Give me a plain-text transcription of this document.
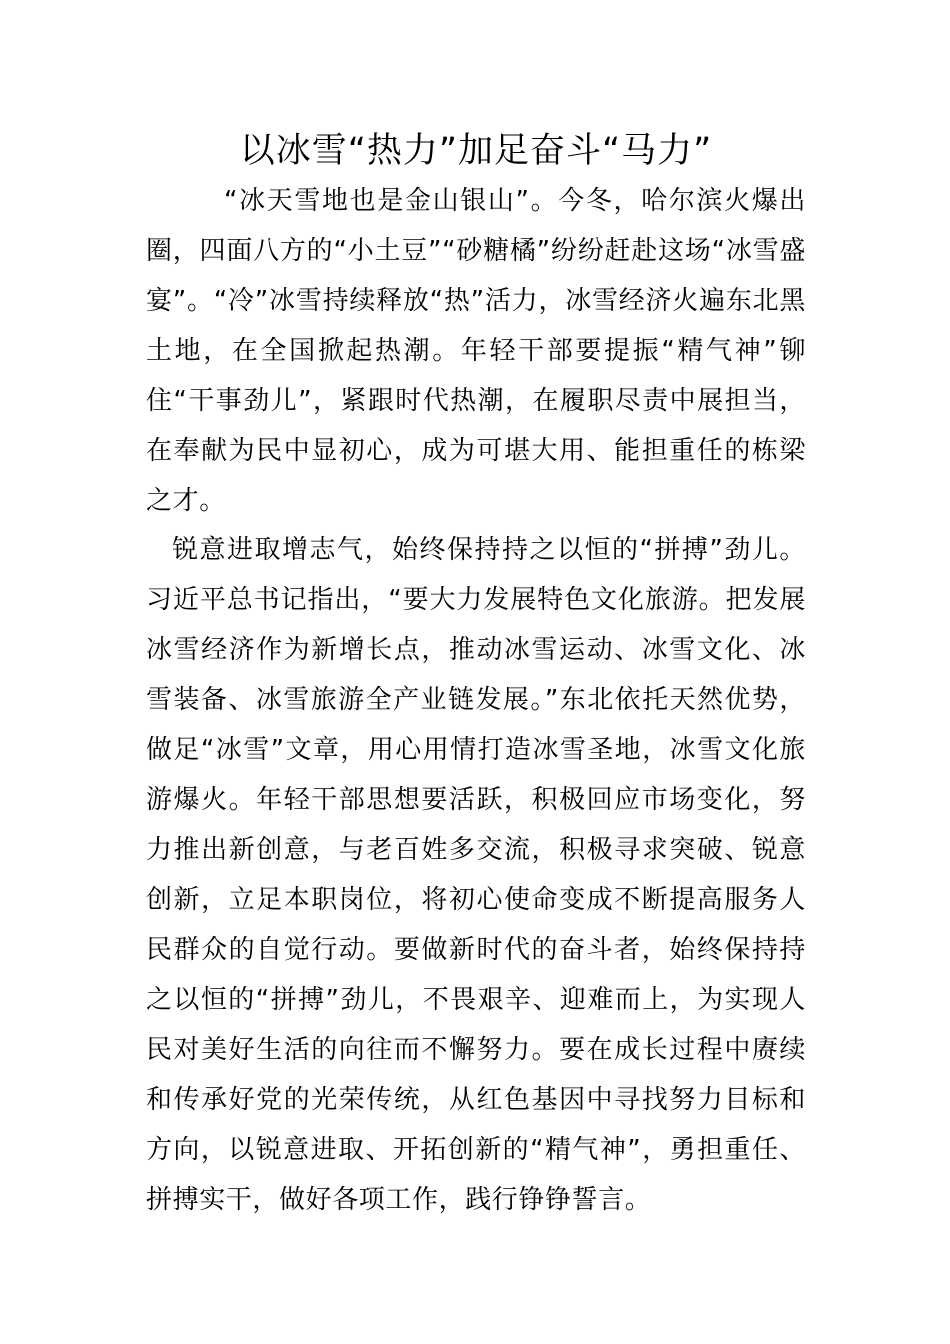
以冰雪“热力”加足奋斗“马力”

“冰天雪地也是金山银山”。今冬，哈尔滨火爆出圈，四面八方的“小土豆”“砂糖橘”纷纷赶赴这场“冰雪盛宴”。“冷”冰雪持续释放“热”活力，冰雪经济火遍东北黑土地，在全国掀起热潮。年轻干部要提振“精气神”铆住“干事劲儿”，紧跟时代热潮，在履职尽责中展担当，在奉献为民中显初心，成为可堪大用、能担重任的栋梁之才。

锐意进取增志气，始终保持持之以恒的“拼搏”劲儿。习近平总书记指出，“要大力发展特色文化旅游。把发展冰雪经济作为新增长点，推动冰雪运动、冰雪文化、冰雪装备、冰雪旅游全产业链发展。”东北依托天然优势，做足“冰雪”文章，用心用情打造冰雪圣地，冰雪文化旅游爆火。年轻干部思想要活跃，积极回应市场变化，努力推出新创意，与老百姓多交流，积极寻求突破、锐意创新，立足本职岗位，将初心使命变成不断提高服务人民群众的自觉行动。要做新时代的奋斗者，始终保持持之以恒的“拼搏”劲儿，不畏艰辛、迎难而上，为实现人民对美好生活的向往而不懈努力。要在成长过程中赓续和传承好党的光荣传统，从红色基因中寻找努力目标和方向，以锐意进取、开拓创新的“精气神”，勇担重任、拼搏实干，做好各项工作，践行铮铮誓言。
